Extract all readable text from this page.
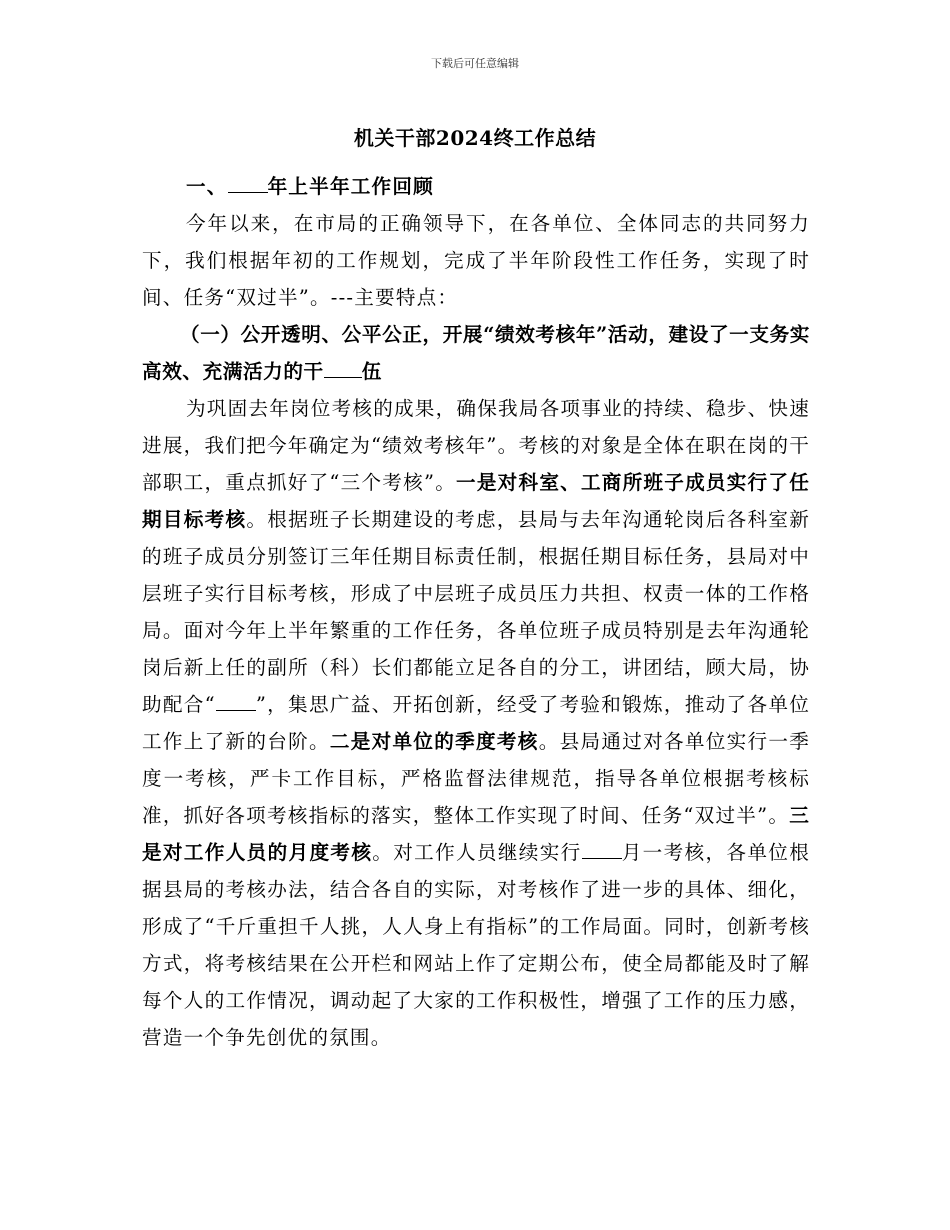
下载后可任意编辑
机关干部2024终工作总结

一、 年上半年工作回顾

今年以来，在市局的正确领导下，在各单位、全体同志的共同努力下，我们根据年初的工作规划，完成了半年阶段性工作任务，实现了时间、任务“双过半”。---主要特点：

（一）公开透明、公平公正，开展“绩效考核年”活动，建设了一支务实高效、充满活力的干 伍

为巩固去年岗位考核的成果，确保我局各项事业的持续、稳步、快速进展，我们把今年确定为“绩效考核年”。考核的对象是全体在职在岗的干部职工，重点抓好了“三个考核”。一是对科室、工商所班子成员实行了任期目标考核。根据班子长期建设的考虑，县局与去年沟通轮岗后各科室新的班子成员分别签订三年任期目标责任制，根据任期目标任务，县局对中层班子实行目标考核，形成了中层班子成员压力共担、权责一体的工作格局。面对今年上半年繁重的工作任务，各单位班子成员特别是去年沟通轮岗后新上任的副所（科）长们都能立足各自的分工，讲团结，顾大局，协助配合“ ”，集思广益、开拓创新，经受了考验和锻炼，推动了各单位工作上了新的台阶。二是对单位的季度考核。县局通过对各单位实行一季度一考核，严卡工作目标，严格监督法律规范，指导各单位根据考核标准，抓好各项考核指标的落实，整体工作实现了时间、任务“双过半”。三是对工作人员的月度考核。对工作人员继续实行 月一考核，各单位根据县局的考核办法，结合各自的实际，对考核作了进一步的具体、细化，形成了“千斤重担千人挑，人人身上有指标”的工作局面。同时，创新考核方式，将考核结果在公开栏和网站上作了定期公布，使全局都能及时了解每个人的工作情况，调动起了大家的工作积极性，增强了工作的压力感，营造一个争先创优的氛围。
